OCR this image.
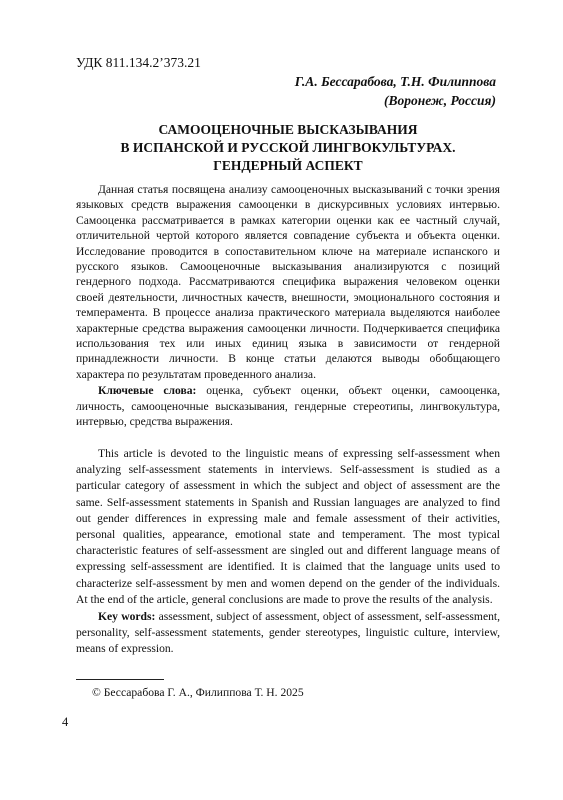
УДК 811.134.2’373.21
Г.А. Бессарабова, Т.Н. Филиппова
(Воронеж, Россия)
САМООЦЕНОЧНЫЕ ВЫСКАЗЫВАНИЯ
В ИСПАНСКОЙ И РУССКОЙ ЛИНГВОКУЛЬТУРАХ.
ГЕНДЕРНЫЙ АСПЕКТ

Данная статья посвящена анализу самооценочных высказываний с точки зрения языковых средств выражения самооценки в дискурсивных условиях интервью. Самооценка рассматривается в рамках категории оценки как ее частный случай, отличительной чертой которого является совпадение субъекта и объекта оценки. Исследование проводится в сопоставительном ключе на материале испанского и русского языков. Самооценочные высказывания анализируются с позиций гендерного подхода. Рассматриваются специфика выражения человеком оценки своей деятельности, личностных качеств, внешности, эмоционального состояния и темперамента. В процессе анализа практического материала выделяются наиболее характерные средства выражения самооценки личности. Подчеркивается специфика использования тех или иных единиц языка в зависимости от гендерной принадлежности личности. В конце статьи делаются выводы обобщающего характера по результатам проведенного анализа.

Ключевые слова: оценка, субъект оценки, объект оценки, самооценка, личность, самооценочные высказывания, гендерные стереотипы, лингвокультура, интервью, средства выражения.

This article is devoted to the linguistic means of expressing self-assessment when analyzing self-assessment statements in interviews. Self-assessment is studied as a particular category of assessment in which the subject and object of assessment are the same. Self-assessment statements in Spanish and Russian languages are analyzed to find out gender differences in expressing male and female assessment of their activities, personal qualities, appearance, emotional state and temperament. The most typical characteristic features of self-assessment are singled out and different language means of expressing self-assessment are identified. It is claimed that the language units used to characterize self-assessment by men and women depend on the gender of the individuals. At the end of the article, general conclusions are made to prove the results of the analysis.

Key words: assessment, subject of assessment, object of assessment, self-assessment, personality, self-assessment statements, gender stereotypes, linguistic culture, interview, means of expression.

© Бессарабова Г. А., Филиппова Т. Н. 2025
4
